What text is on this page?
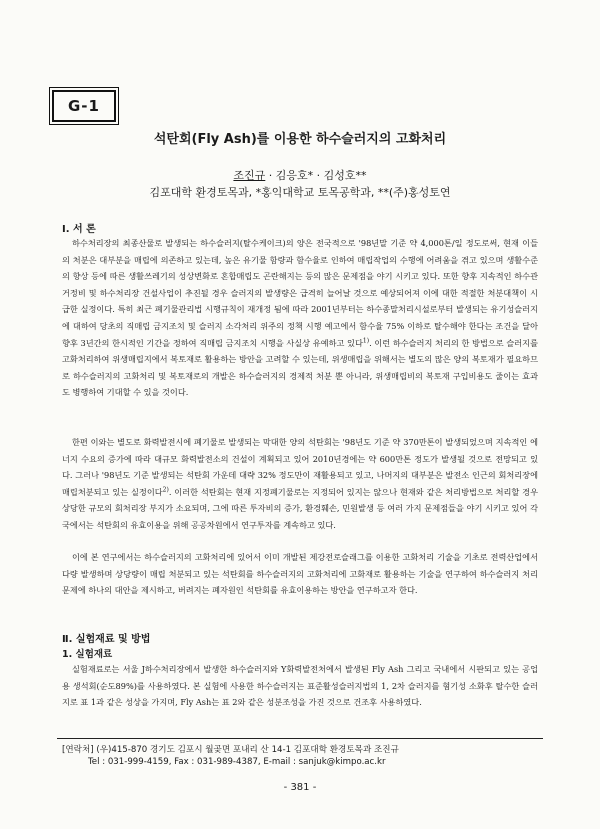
G-1
석탄회(Fly Ash)를 이용한 하수슬러지의 고화처리
조진규 · 김응호* · 김성호**
김포대학 환경토목과, *홍익대학교 토목공학과, **(주)홍성토연
Ⅰ. 서 론

하수처리장의 최종산물로 발생되는 하수슬러지(탈수케이크)의 양은 전국적으로 '98년말 기준 약 4,000톤/일 정도로써, 현재 이들의 처분은 대부분을 매립에 의존하고 있는데, 높은 유기물 함량과 함수율로 인하여 매립작업의 수행에 어려움을 겪고 있으며 생활수준의 향상 등에 따른 생활쓰레기의 성상변화로 혼합매립도 곤란해지는 등의 많은 문제점을 야기 시키고 있다. 또한 향후 지속적인 하수관거정비 및 하수처리장 건설사업이 추진될 경우 슬러지의 발생량은 급격히 늘어날 것으로 예상되어져 이에 대한 적절한 처분대책이 시급한 실정이다. 특히 최근 폐기물관리법 시행규칙이 재개정 됨에 따라 2001년부터는 하수종말처리시설로부터 발생되는 유기성슬러지에 대하여 당초의 직매립 금지조치 및 슬러지 소각처리 위주의 정책 시행 예고에서 함수율 75% 이하로 탈수해야 한다는 조건을 달아 향후 3년간의 한시적인 기간을 정하여 직매립 금지조치 시행을 사실상 유예하고 있다$^{1)}$. 이런 하수슬러지 처리의 한 방법으로 슬러지를 고화처리하여 위생매립지에서 복토재로 활용하는 방안을 고려할 수 있는데, 위생매립을 위해서는 별도의 많은 양의 복토재가 필요하므로 하수슬러지의 고화처리 및 복토재로의 개발은 하수슬러지의 경제적 처분 뿐 아니라, 위생매립비의 복토재 구입비용도 줄이는 효과도 병행하여 기대할 수 있을 것이다.

한편 이와는 별도로 화력발전시에 폐기물로 발생되는 막대한 양의 석탄회는 '98년도 기준 약 370만톤이 발생되었으며 지속적인 에너지 수요의 증가에 따라 대규모 화력발전소의 건설이 계획되고 있어 2010년경에는 약 600만톤 정도가 발생될 것으로 전망되고 있다. 그러나 '98년도 기준 발생되는 석탄회 가운데 대략 32% 정도만이 재활용되고 있고, 나머지의 대부분은 발전소 인근의 회처리장에 매립처분되고 있는 실정이다$^{2)}$. 이러한 석탄회는 현재 지정폐기물로는 지정되어 있지는 않으나 현재와 같은 처리방법으로 처리할 경우 상당한 규모의 회처리장 부지가 소요되며, 그에 따른 투자비의 증가, 환경훼손, 민원발생 등 여러 가지 문제점들을 야기 시키고 있어 각국에서는 석탄회의 유효이용을 위해 공공차원에서 연구투자를 계속하고 있다.

이에 본 연구에서는 하수슬러지의 고화처리에 있어서 이미 개발된 제강전로슬래그를 이용한 고화처리 기술을 기초로 전력산업에서 다량 발생하며 상당량이 매립 처분되고 있는 석탄회를 하수슬러지의 고화처리에 고화재로 활용하는 기술을 연구하여 하수슬러지 처리문제에 하나의 대안을 제시하고, 버려지는 폐자원인 석탄회를 유효이용하는 방안을 연구하고자 한다.

Ⅱ. 실험재료 및 방법
1. 실험재료

실험재료로는 서울 J하수처리장에서 발생한 하수슬러지와 Y화력발전처에서 발생된 Fly Ash 그리고 국내에서 시판되고 있는 공업용 생석회(순도89%)를 사용하였다. 본 실험에 사용한 하수슬러지는 표준활성슬러지법의 1, 2차 슬러지를 혐기성 소화후 탈수한 슬러지로 표 1과 같은 성상을 가지며, Fly Ash는 표 2와 같은 성분조성을 가진 것으로 건조후 사용하였다.

[연락처] (우)415-870 경기도 김포시 월곶면 포내리 산 14-1 김포대학 환경토목과 조진규
Tel : 031-999-4159, Fax : 031-989-4387, E-mail : sanjuk@kimpo.ac.kr
- 381 -
